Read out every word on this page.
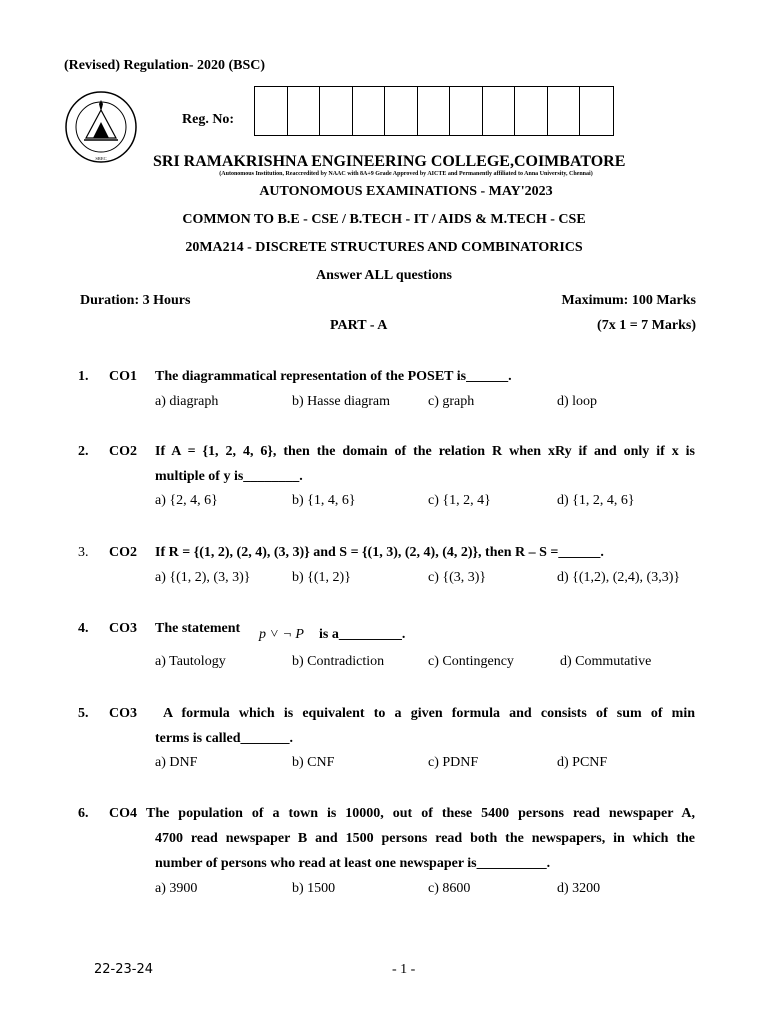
(Revised) Regulation- 2020 (BSC)
SREC
Reg. No:
SRI RAMAKRISHNA ENGINEERING COLLEGE,COIMBATORE
(Autonomous Institution, Reaccredited by NAAC with 8A+9 Grade Approved by AICTE and Permanently affiliated to Anna University, Chennai)
AUTONOMOUS EXAMINATIONS - MAY'2023
COMMON TO B.E - CSE / B.TECH - IT / AIDS & M.TECH - CSE
20MA214 - DISCRETE STRUCTURES AND COMBINATORICS
Answer ALL questions
Duration: 3 Hours	Maximum: 100 Marks
PART - A	(7x 1 = 7 Marks)
1. CO1 The diagrammatical representation of the POSET is______.
a) diagraph	b) Hasse diagram	c) graph	d) loop
2. CO2 If A = {1, 2, 4, 6}, then the domain of the relation R when xRy if and only if x is
multiple of y is________.
a) {2, 4, 6}	b) {1, 4, 6}	c) {1, 2, 4}	d) {1, 2, 4, 6}
3. CO2 If R = {(1, 2), (2, 4), (3, 3)} and S = {(1, 3), (2, 4), (4, 2)}, then R – S =______.
a) {(1, 2), (3, 3)}	b) {(1, 2)}	c) {(3, 3)}	d) {(1,2), (2,4), (3,3)}
4. CO3 The statement p ˅ ¬ P is a_________.
a) Tautology	b) Contradiction	c) Contingency	d) Commutative
5. CO3 A formula which is equivalent to a given formula and consists of sum of min
terms is called_______.
a) DNF	b) CNF	c) PDNF	d) PCNF
6. CO4 The population of a town is 10000, out of these 5400 persons read newspaper A,
4700 read newspaper B and 1500 persons read both the newspapers, in which the
number of persons who read at least one newspaper is__________.
a) 3900	b) 1500	c) 8600	d) 3200
22-23-24	- 1 -
